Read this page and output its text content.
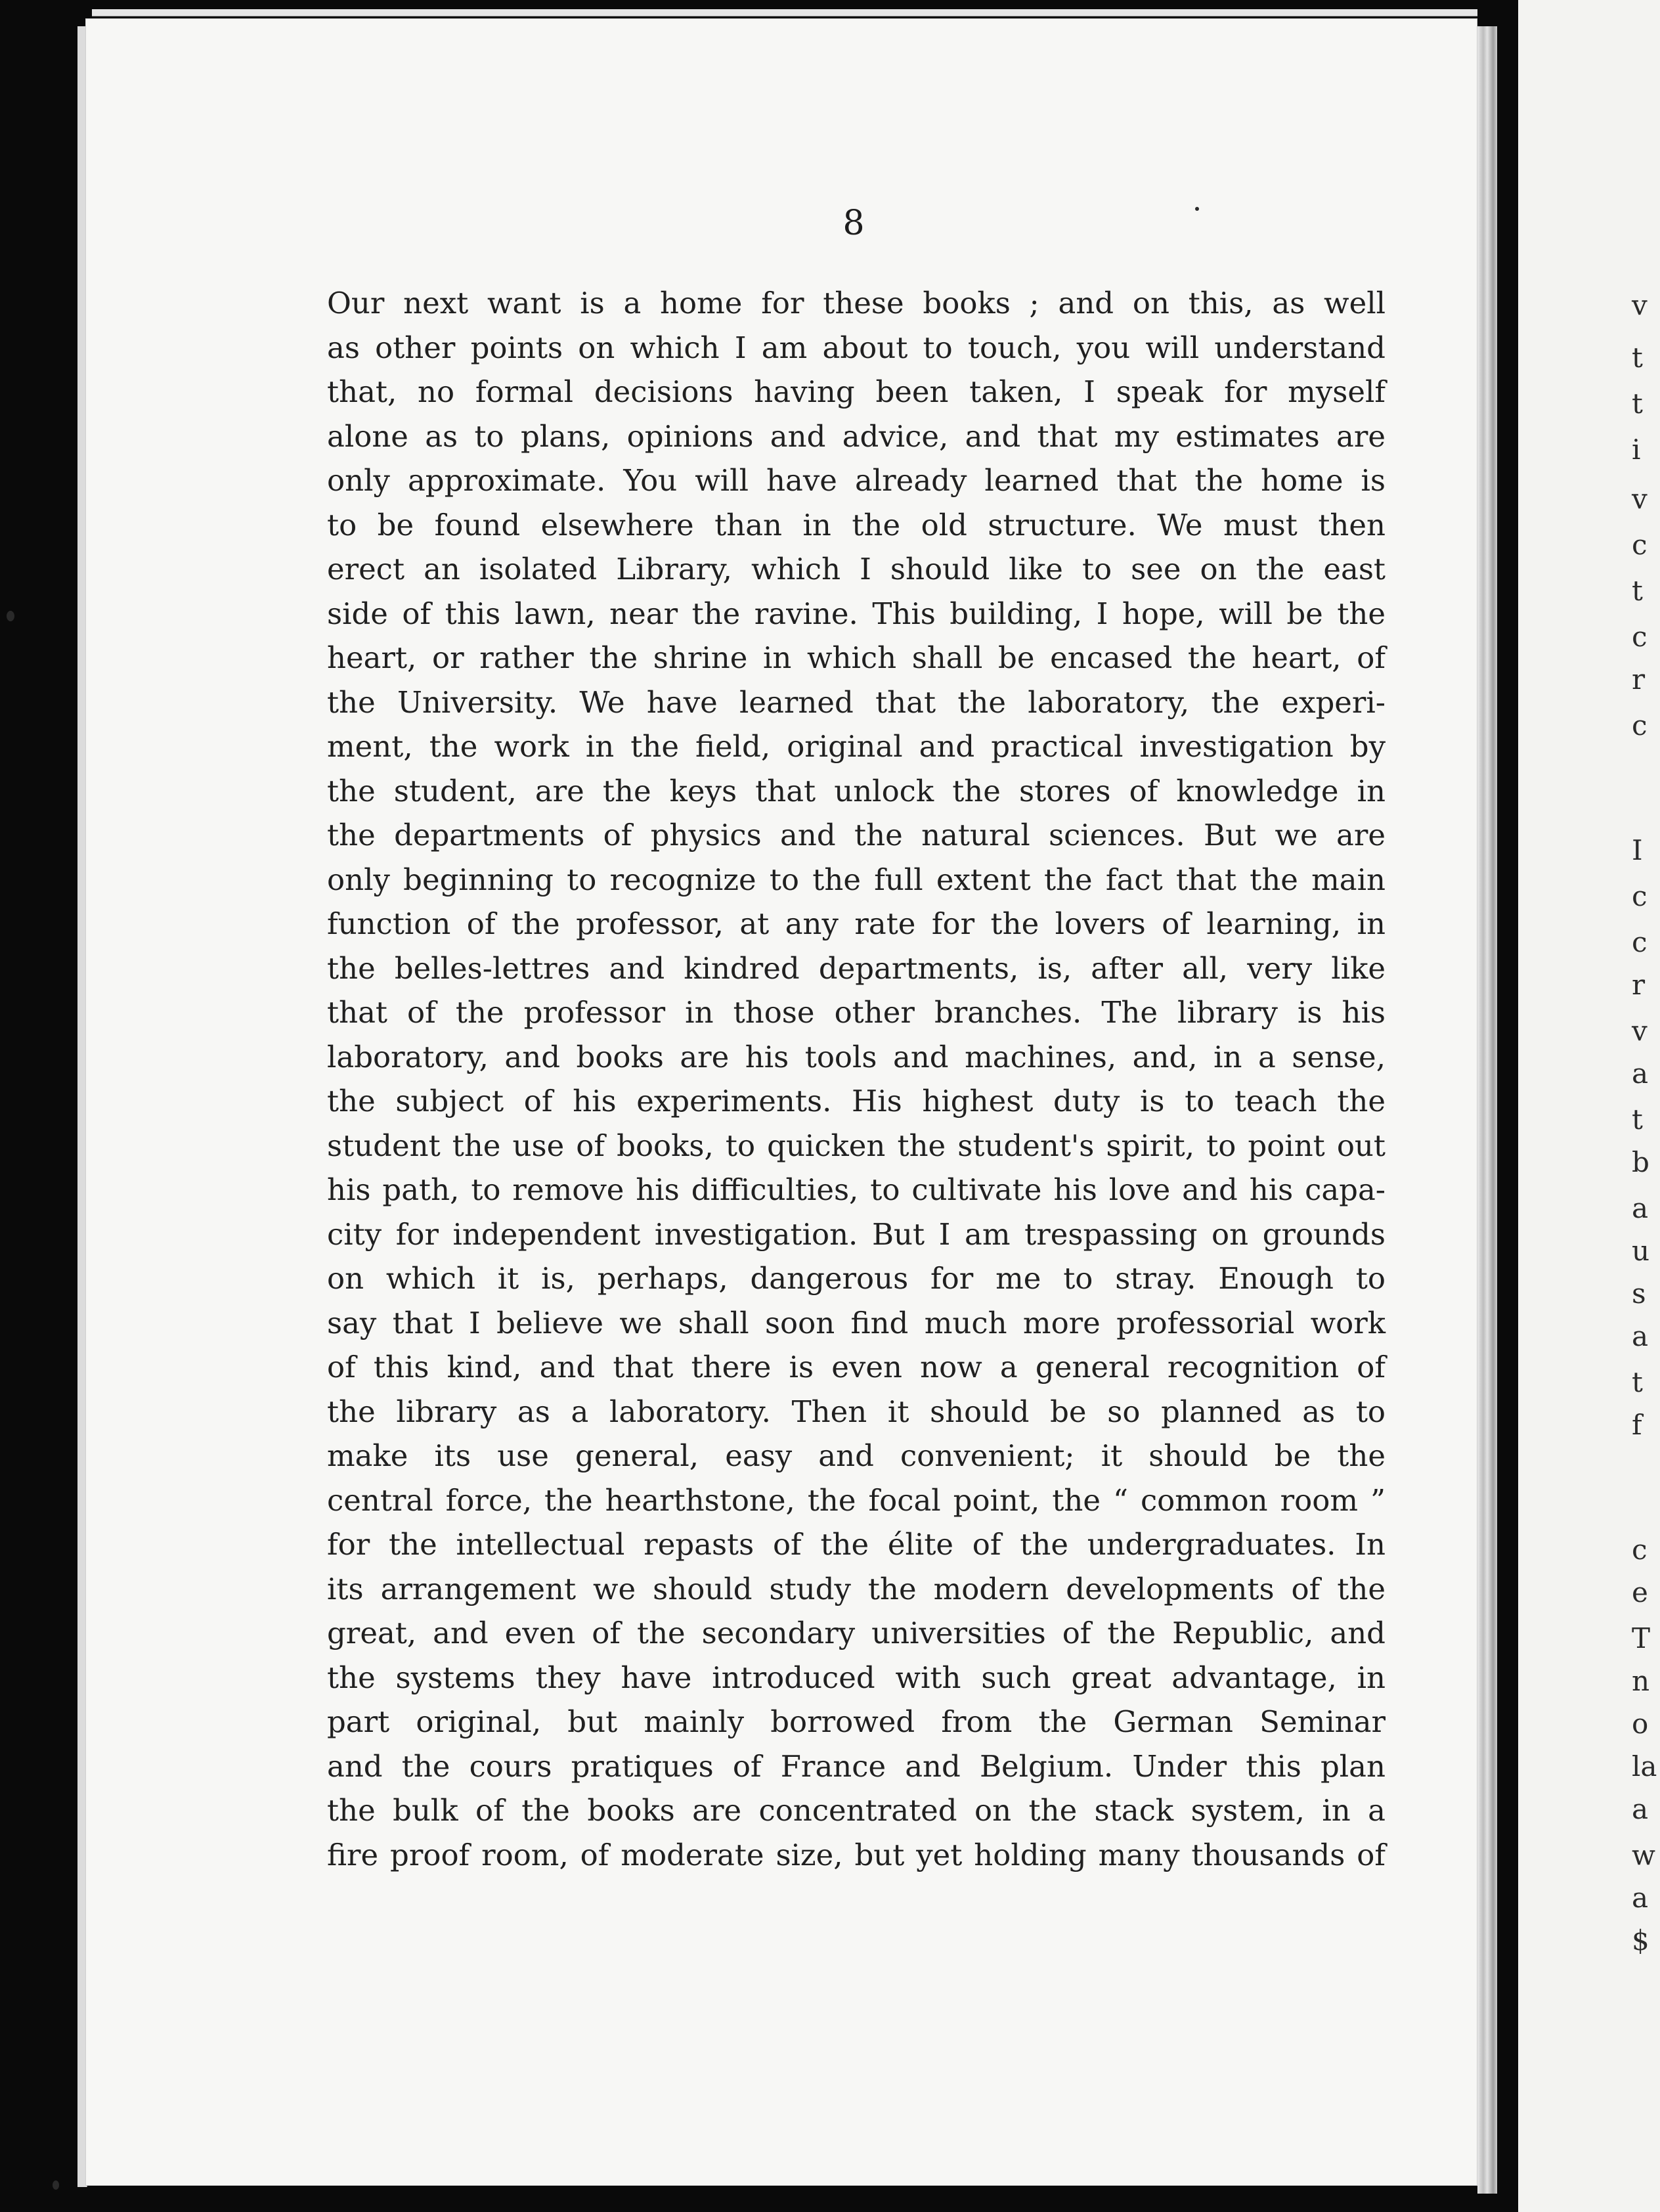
v
t
t
i
v
c
t
c
r
c
I
c
c
r
v
a
t
b
a
u
s
a
t
f
c
e
T
n
o
la
a
w
a
$

8

Our next want is a home for these books ; and on this, as well
as other points on which I am about to touch, you will understand
that, no formal decisions having been taken, I speak for myself
alone as to plans, opinions and advice, and that my estimates are
only approximate. You will have already learned that the home is
to be found elsewhere than in the old structure. We must then
erect an isolated Library, which I should like to see on the east
side of this lawn, near the ravine. This building, I hope, will be the
heart, or rather the shrine in which shall be encased the heart, of
the University. We have learned that the laboratory, the experi-
ment, the work in the field, original and practical investigation by
the student, are the keys that unlock the stores of knowledge in
the departments of physics and the natural sciences. But we are
only beginning to recognize to the full extent the fact that the main
function of the professor, at any rate for the lovers of learning, in
the belles-lettres and kindred departments, is, after all, very like
that of the professor in those other branches. The library is his
laboratory, and books are his tools and machines, and, in a sense,
the subject of his experiments. His highest duty is to teach the
student the use of books, to quicken the student's spirit, to point out
his path, to remove his difficulties, to cultivate his love and his capa-
city for independent investigation. But I am trespassing on grounds
on which it is, perhaps, dangerous for me to stray. Enough to
say that I believe we shall soon find much more professorial work
of this kind, and that there is even now a general recognition of
the library as a laboratory. Then it should be so planned as to
make its use general, easy and convenient; it should be the
central force, the hearthstone, the focal point, the “ common room ”
for the intellectual repasts of the élite of the undergraduates. In
its arrangement we should study the modern developments of the
great, and even of the secondary universities of the Republic, and
the systems they have introduced with such great advantage, in
part original, but mainly borrowed from the German Seminar
and the cours pratiques of France and Belgium. Under this plan
the bulk of the books are concentrated on the stack system, in a
fire proof room, of moderate size, but yet holding many thousands of
